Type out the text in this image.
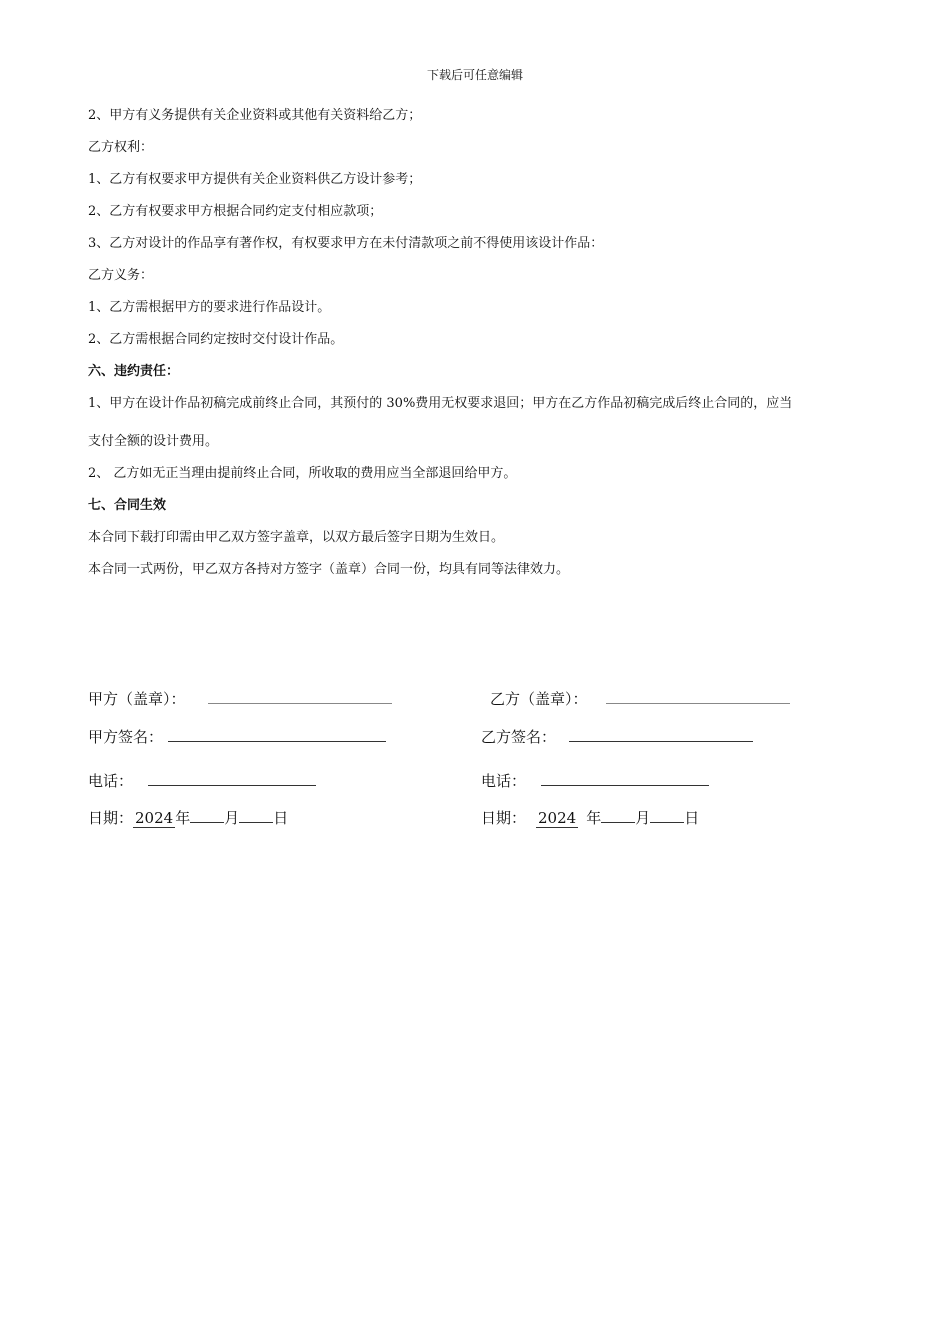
下载后可任意编辑
2、甲方有义务提供有关企业资料或其他有关资料给乙方；
乙方权利：
1、乙方有权要求甲方提供有关企业资料供乙方设计参考；
2、乙方有权要求甲方根据合同约定支付相应款项；
3、乙方对设计的作品享有著作权，有权要求甲方在未付清款项之前不得使用该设计作品：
乙方义务：
1、乙方需根据甲方的要求进行作品设计。
2、乙方需根据合同约定按时交付设计作品。
六、违约责任：
1、甲方在设计作品初稿完成前终止合同，其预付的 30%费用无权要求退回；甲方在乙方作品初稿完成后终止合同的，应当
支付全额的设计费用。
2、 乙方如无正当理由提前终止合同，所收取的费用应当全部退回给甲方。
七、合同生效
本合同下载打印需由甲乙双方签字盖章，以双方最后签字日期为生效日。
本合同一式两份，甲乙双方各持对方签字（盖章）合同一份，均具有同等法律效力。
甲方（盖章）：
甲方签名：
电话：
日期： 2024 年 月 日
乙方（盖章）：
乙方签名：
电话：
日期： 2024 年 月 日
